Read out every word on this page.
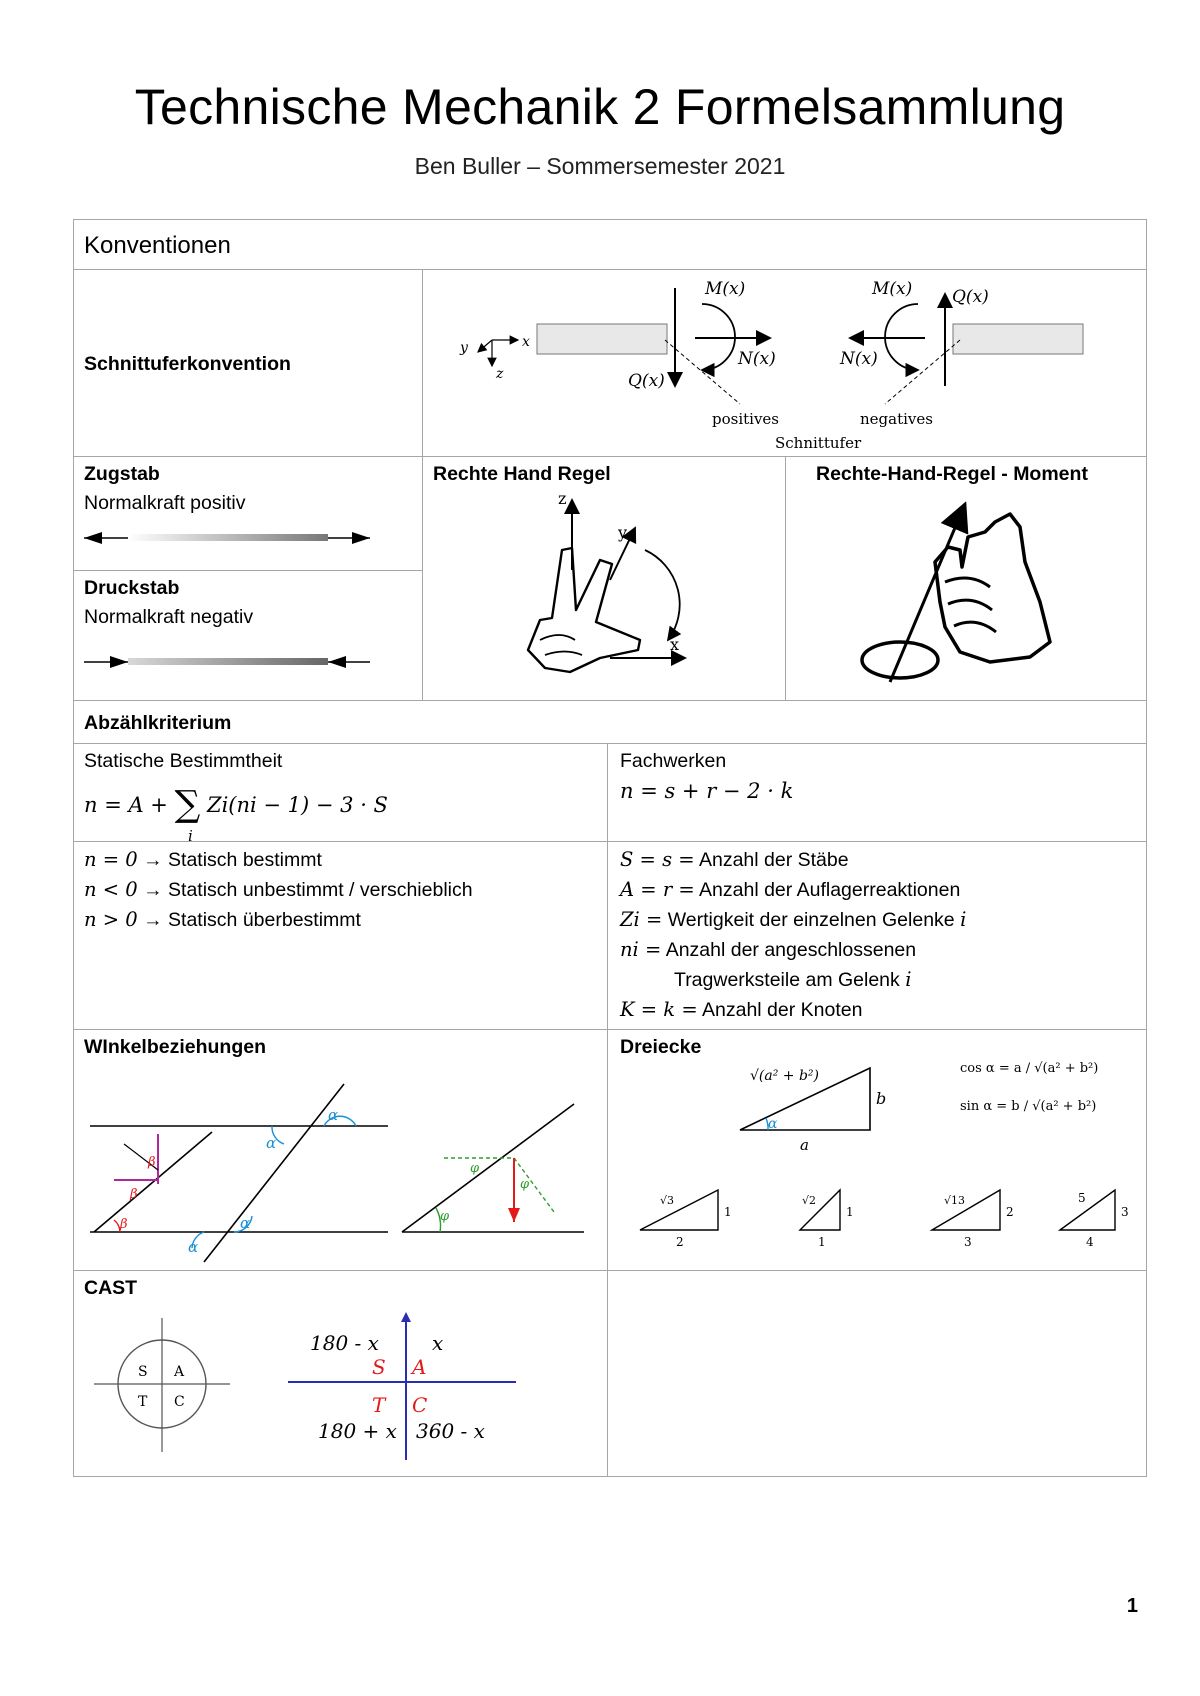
Technische Mechanik 2 Formelsammlung
Ben Buller – Sommersemester 2021
Konventionen
Schnittuferkonvention
y	x
z
M(x)
Q(x)
N(x)
M(x) Q(x)
N(x)
positives	negatives
Schnittufer
Zugstab
Normalkraft positiv
Druckstab
Normalkraft negativ
Rechte Hand Regel
z
y
x
Rechte-Hand-Regel - Moment
Abzählkriterium
Statische Bestimmtheit
n = A + ∑
i
Zi(ni − 1) − 3 · S
Fachwerken
n = s + r − 2 · k
n = 0 → Statisch bestimmt
n < 0 → Statisch unbestimmt / verschieblich
n > 0 → Statisch überbestimmt
S = s = Anzahl der Stäbe
A = r = Anzahl der Auflagerreaktionen
Zi = Wertigkeit der einzelnen Gelenke i
ni = Anzahl der angeschlossenen
Tragwerksteile am Gelenk i
K = k = Anzahl der Knoten
WInkelbeziehungen
β
β
β
α
α
α
α
φ
φ
φ
Dreiecke
α
√(a² + b²)
b
a
cos α = a / √(a² + b²)
sin α = b / √(a² + b²)
√3
1
2
√2
1
1
√13
2
3
5
3
4
CAST
S A
T C
180 - x
S
x
A
180 + x
T
360 - x
C
1
